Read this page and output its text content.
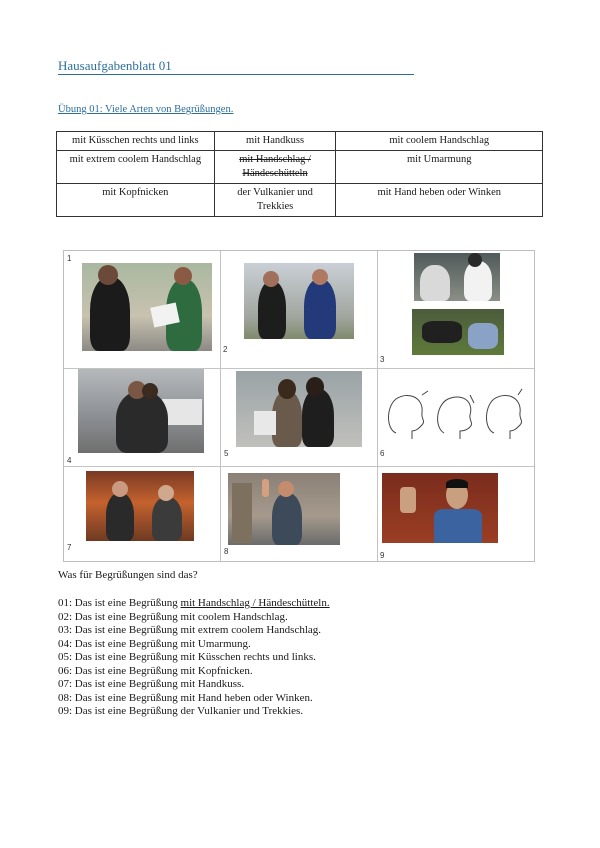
Hausaufgabenblatt 01
Übung 01: Viele Arten von Begrüßungen.
mit Küsschen rechts und links	mit Handkuss	mit coolem Handschlag
mit extrem coolem Handschlag	mit Handschlag / Händeschütteln	mit Umarmung
mit Kopfnicken	der Vulkanier und Trekkies	mit Hand heben oder Winken
1
2
3
4
5	6
7	8	9
Was für Begrüßungen sind das?
01: Das ist eine Begrüßung mit Handschlag / Händeschütteln.
02: Das ist eine Begrüßung mit coolem Handschlag.
03: Das ist eine Begrüßung mit extrem coolem Handschlag.
04: Das ist eine Begrüßung mit Umarmung.
05: Das ist eine Begrüßung mit Küsschen rechts und links.
06: Das ist eine Begrüßung mit Kopfnicken.
07: Das ist eine Begrüßung mit Handkuss.
08: Das ist eine Begrüßung mit Hand heben oder Winken.
09: Das ist eine Begrüßung der Vulkanier und Trekkies.
